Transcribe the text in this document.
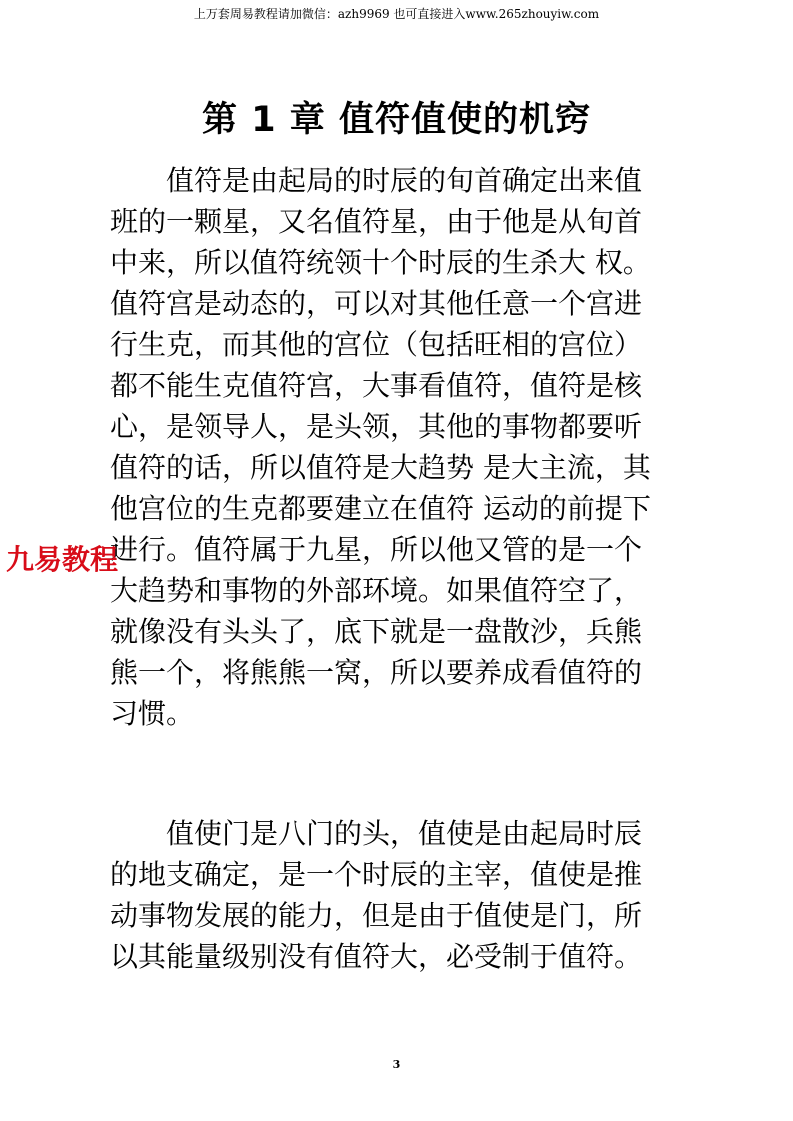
上万套周易教程请加微信：azh9969 也可直接进入www.265zhouyiw.com
第 1 章 值符值使的机窍
　　值符是由起局的时辰的旬首确定出来值
班的一颗星，又名值符星，由于他是从旬首
中来，所以值符统领十个时辰的生杀大 权。
值符宫是动态的，可以对其他任意一个宫进
行生克，而其他的宫位（包括旺相的宫位）
都不能生克值符宫，大事看值符，值符是核
心，是领导人，是头领，其他的事物都要听
值符的话，所以值符是大趋势 是大主流，其
他宫位的生克都要建立在值符 运动的前提下
进行。值符属于九星，所以他又管的是一个
大趋势和事物的外部环境。如果值符空了，
就像没有头头了，底下就是一盘散沙，兵熊
熊一个，将熊熊一窝，所以要养成看值符的
习惯。
　　值使门是八门的头，值使是由起局时辰
的地支确定，是一个时辰的主宰，值使是推
动事物发展的能力，但是由于值使是门，所
以其能量级别没有值符大，必受制于值符。
九易教程
3
